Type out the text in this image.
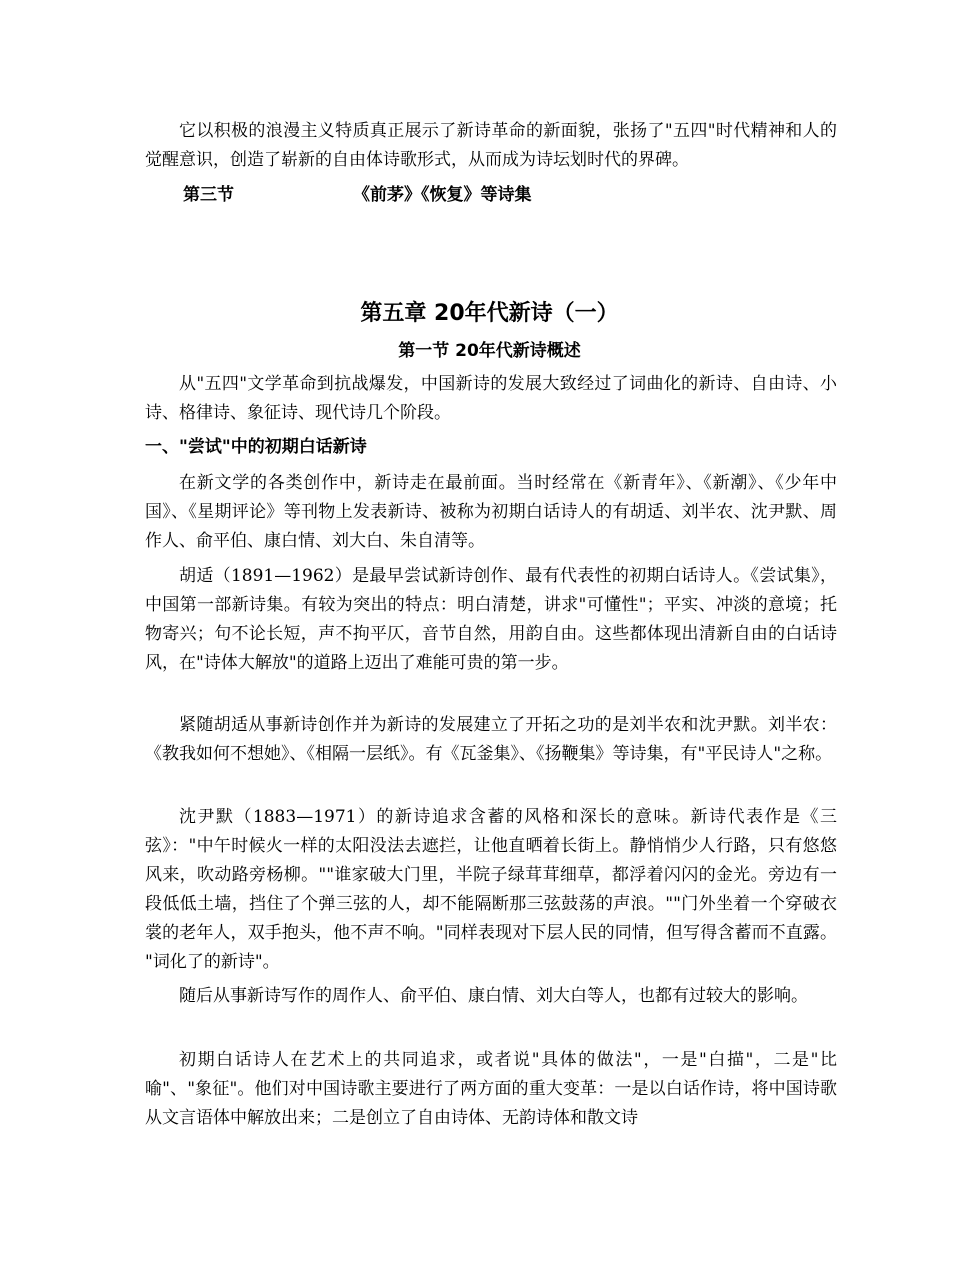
它以积极的浪漫主义特质真正展示了新诗革命的新面貌，张扬了"五四"时代精神和人的觉醒意识，创造了崭新的自由体诗歌形式，从而成为诗坛划时代的界碑。

第三节	《前茅》《恢复》等诗集

第五章 20年代新诗（一）
第一节 20年代新诗概述

从"五四"文学革命到抗战爆发，中国新诗的发展大致经过了词曲化的新诗、自由诗、小诗、格律诗、象征诗、现代诗几个阶段。

一、"尝试"中的初期白话新诗

在新文学的各类创作中，新诗走在最前面。当时经常在《新青年》、《新潮》、《少年中国》、《星期评论》等刊物上发表新诗、被称为初期白话诗人的有胡适、刘半农、沈尹默、周作人、俞平伯、康白情、刘大白、朱自清等。

胡适（1891—1962）是最早尝试新诗创作、最有代表性的初期白话诗人。《尝试集》，中国第一部新诗集。有较为突出的特点：明白清楚，讲求"可懂性"；平实、冲淡的意境；托物寄兴；句不论长短，声不拘平仄，音节自然，用韵自由。这些都体现出清新自由的白话诗风，在"诗体大解放"的道路上迈出了难能可贵的第一步。

紧随胡适从事新诗创作并为新诗的发展建立了开拓之功的是刘半农和沈尹默。刘半农：《教我如何不想她》、《相隔一层纸》。有《瓦釜集》、《扬鞭集》等诗集，有"平民诗人"之称。

沈尹默（1883—1971）的新诗追求含蓄的风格和深长的意味。新诗代表作是《三弦》："中午时候火一样的太阳没法去遮拦，让他直晒着长街上。静悄悄少人行路，只有悠悠风来，吹动路旁杨柳。""谁家破大门里，半院子绿茸茸细草，都浮着闪闪的金光。旁边有一段低低土墙，挡住了个弹三弦的人，却不能隔断那三弦鼓荡的声浪。""门外坐着一个穿破衣裳的老年人，双手抱头，他不声不响。"同样表现对下层人民的同情，但写得含蓄而不直露。 "词化了的新诗"。

随后从事新诗写作的周作人、俞平伯、康白情、刘大白等人，也都有过较大的影响。

初期白话诗人在艺术上的共同追求，或者说"具体的做法"，一是"白描"，二是"比喻"、"象征"。他们对中国诗歌主要进行了两方面的重大变革：一是以白话作诗，将中国诗歌从文言语体中解放出来；二是创立了自由诗体、无韵诗体和散文诗
